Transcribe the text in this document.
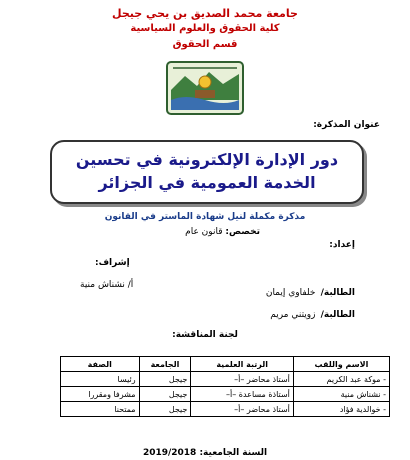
جامعة محمد الصديق بن يحي جيجل
كلية الحقوق والعلوم السياسية
قسم الحقوق
عنوان المذكرة:
دور الإدارة الإلكترونية في تحسين الخدمة العمومية في الجزائر
مذكرة مكملة لنيل شهادة الماستر في القانون
تخصص: قانون عام
إعداد:
إشراف:
الطالبة/ خلفاوي إيمان
أ/ نشناش منية
الطالبة/ زويتني مريم
لجنة المناقشة:
الاسم واللقب	الرتبة العلمية	الجامعة	الصفة
- موكة عبد الكريم	أستاذ محاضر –أ–	جيجل	رئيسا
- نشناش منية	أستاذة مساعدة –أ–	جيجل	مشرفا ومقررا
- خوالدية فؤاد	أستاذ محاضر –أ–	جيجل	ممتحنا
السنة الجامعية: 2019/2018
